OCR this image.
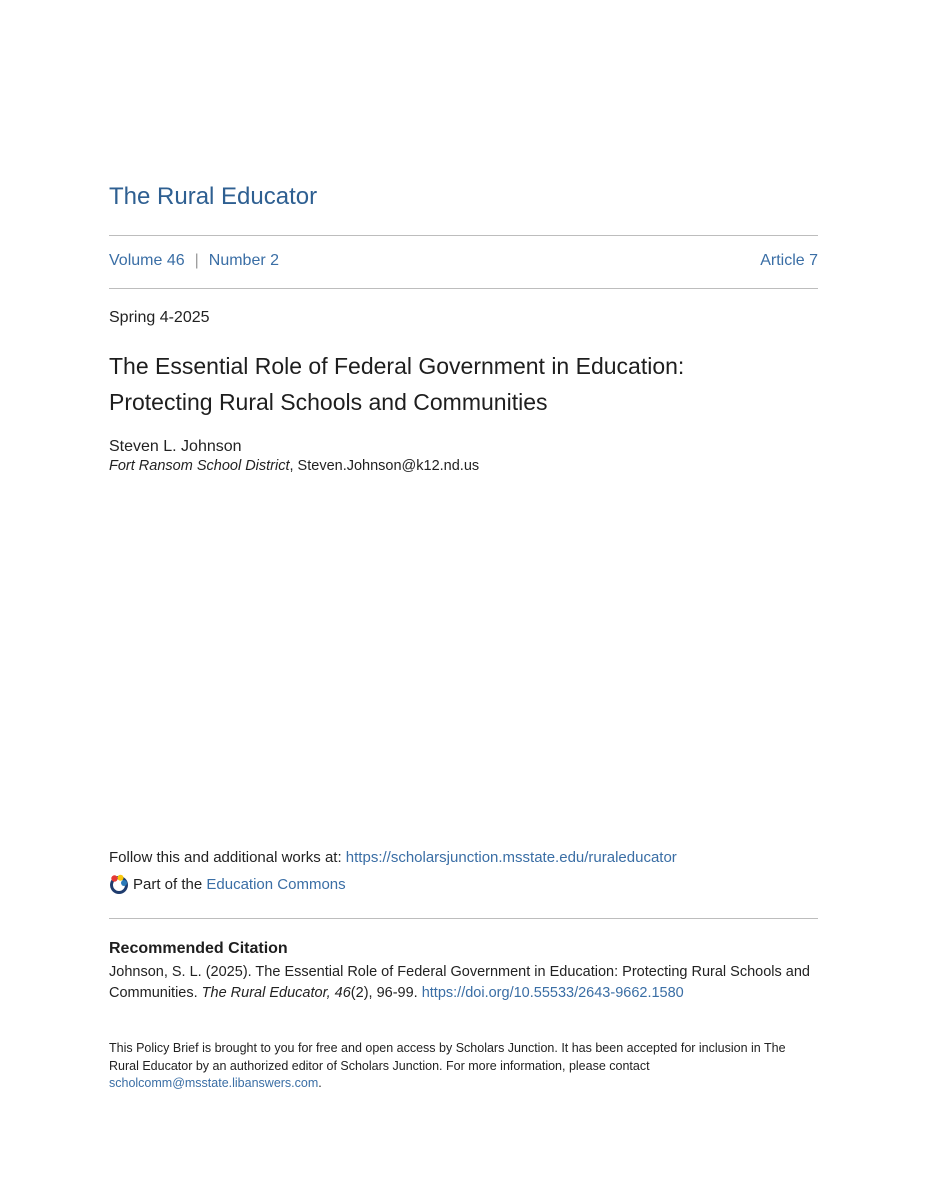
The Rural Educator
Volume 46 | Number 2	Article 7
Spring 4-2025
The Essential Role of Federal Government in Education:
Protecting Rural Schools and Communities
Steven L. Johnson
Fort Ransom School District, Steven.Johnson@k12.nd.us
Follow this and additional works at: https://scholarsjunction.msstate.edu/ruraleducator
Part of the
Education Commons
Recommended Citation
Johnson, S. L. (2025). The Essential Role of Federal Government in Education: Protecting Rural Schools and Communities. The Rural Educator, 46(2), 96-99. https://doi.org/10.55533/2643-9662.1580
This Policy Brief is brought to you for free and open access by Scholars Junction. It has been accepted for inclusion in The Rural Educator by an authorized editor of Scholars Junction. For more information, please contact scholcomm@msstate.libanswers.com.
